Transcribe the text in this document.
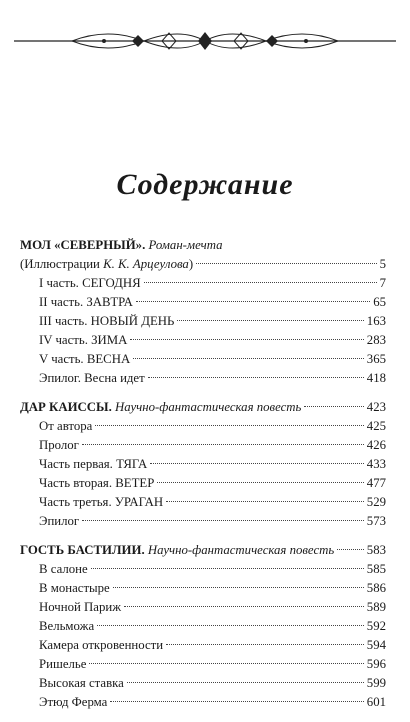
Содержание
МОЛ «СЕВЕРНЫЙ». Роман-мечта
(Иллюстрации К. К. Арцеулова)	5
I часть. СЕГОДНЯ	7
II часть. ЗАВТРА	65
III часть. НОВЫЙ ДЕНЬ	163
IV часть. ЗИМА	283
V часть. ВЕСНА	365
Эпилог. Весна идет	418
ДАР КАИССЫ. Научно-фантастическая повесть	423
От автора	425
Пролог	426
Часть первая. ТЯГА	433
Часть вторая. ВЕТЕР	477
Часть третья. УРАГАН	529
Эпилог	573
ГОСТЬ БАСТИЛИИ. Научно-фантастическая повесть	583
В салоне	585
В монастыре	586
Ночной Париж	589
Вельможа	592
Камера откровенности	594
Ришелье	596
Высокая ставка	599
Этюд Ферма	601
